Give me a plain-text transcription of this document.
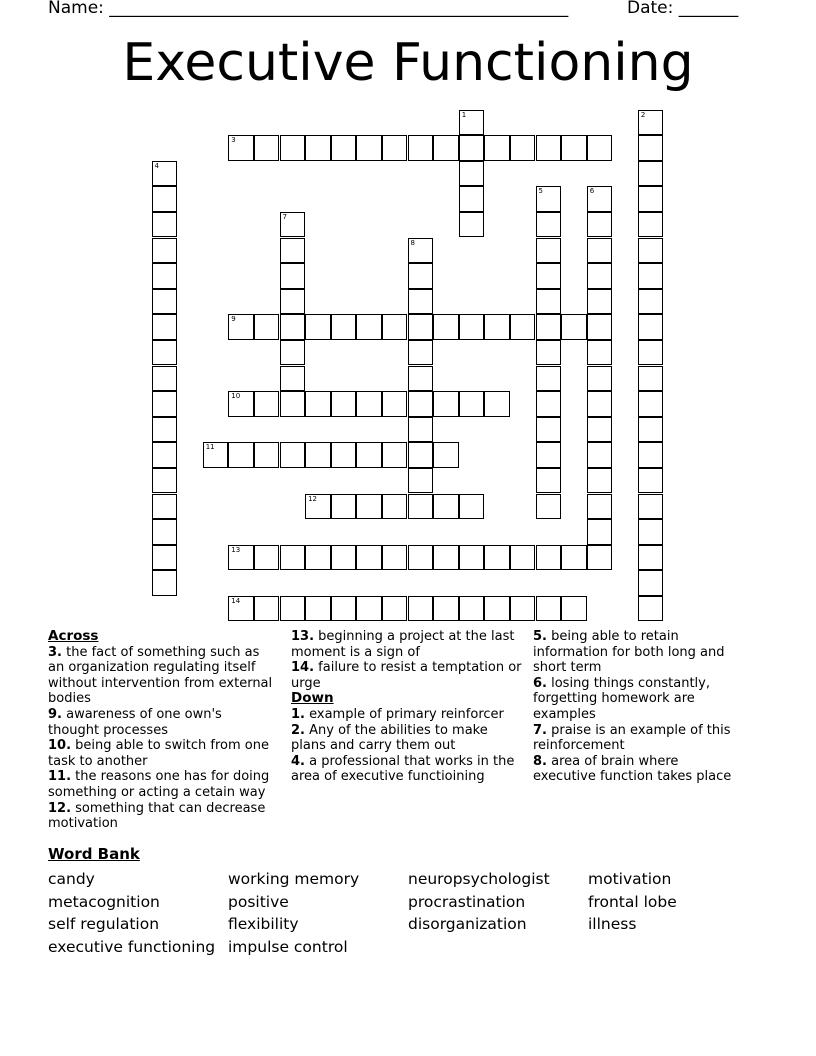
Name: ______________________________________________________	Date: _______
Executive Functioning
1	2
3
4
5	6
7
8
9
10
11
12
13
14
Across
3. the fact of something such as an organization regulating itself without intervention from external bodies
9. awareness of one own's thought processes
10. being able to switch from one task to another
11. the reasons one has for doing something or acting a cetain way
12. something that can decrease motivation
13. beginning a project at the last moment is a sign of
14. failure to resist a temptation or urge
Down
1. example of primary reinforcer
2. Any of the abilities to make plans and carry them out
4. a professional that works in the area of executive functioining
5. being able to retain information for both long and short term
6. losing things constantly, forgetting homework are examples
7. praise is an example of this reinforcement
8. area of brain where executive function takes place
Word Bank
candy
metacognition
self regulation
executive functioning
working memory
positive
flexibility
impulse control
neuropsychologist
procrastination
disorganization
motivation
frontal lobe
illness
